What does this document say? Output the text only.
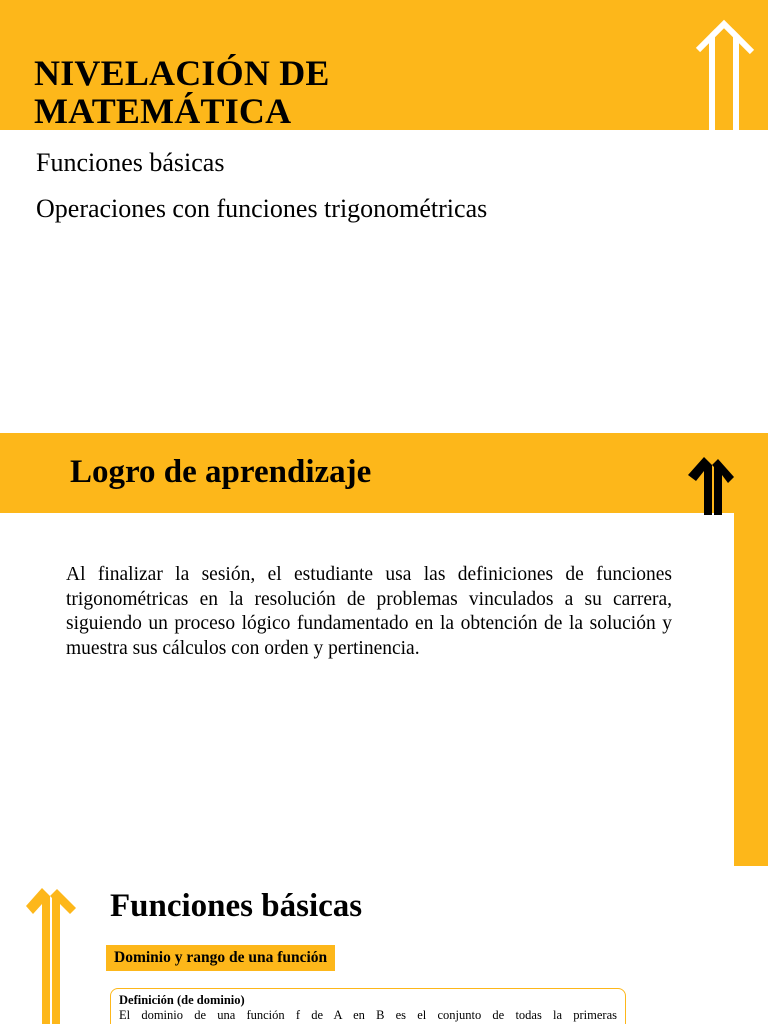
NIVELACIÓN DE
MATEMÁTICA
Funciones básicas
Operaciones con funciones trigonométricas
Logro de aprendizaje

Al finalizar la sesión, el estudiante usa las definiciones de funciones trigonométricas en la resolución de problemas vinculados a su carrera, siguiendo un proceso lógico fundamentado en la obtención de la solución y muestra sus cálculos con orden y pertinencia.

Funciones básicas
Dominio y rango de una función
Definición (de dominio)
El dominio de una función f de A en B es el conjunto de todas la primeras
